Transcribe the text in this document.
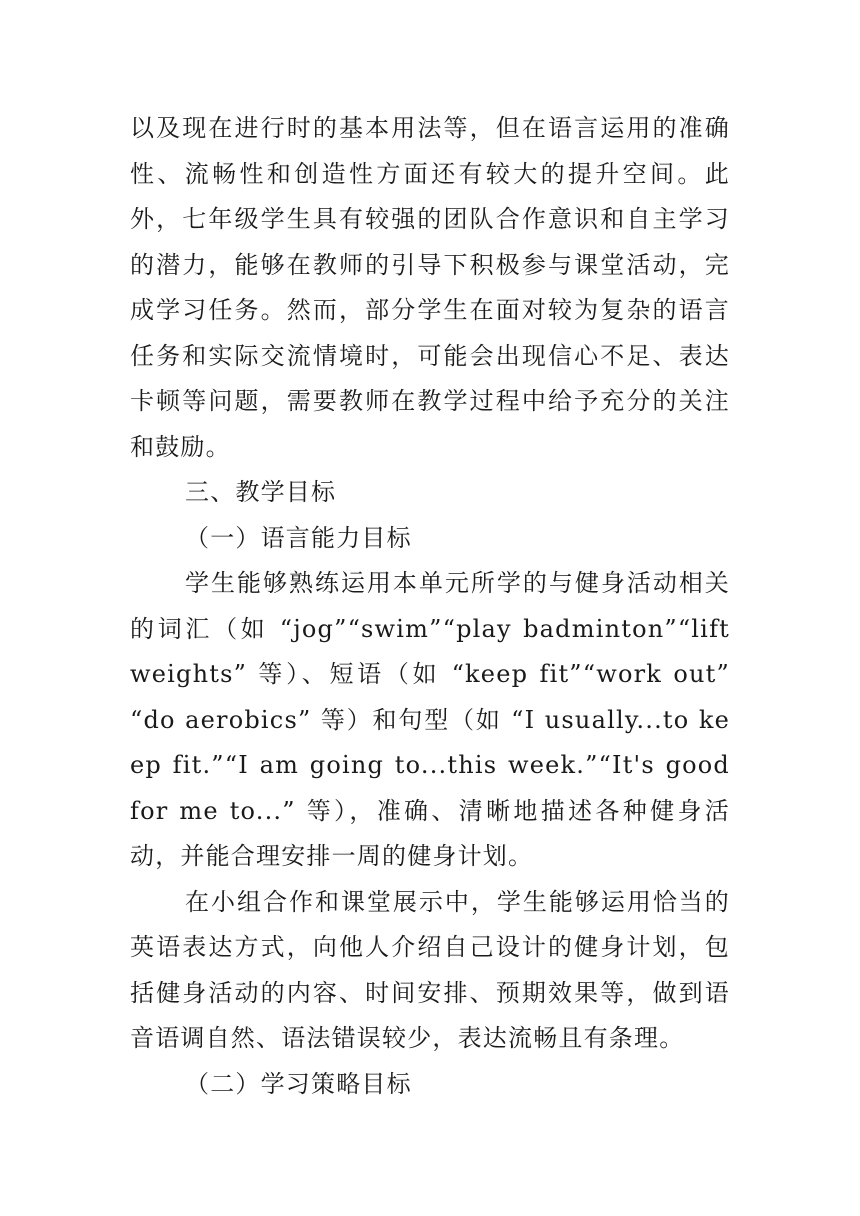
以及现在进行时的基本用法等，但在语言运用的准确性、流畅性和创造性方面还有较大的提升空间。此外，七年级学生具有较强的团队合作意识和自主学习的潜力，能够在教师的引导下积极参与课堂活动，完成学习任务。然而，部分学生在面对较为复杂的语言任务和实际交流情境时，可能会出现信心不足、表达卡顿等问题，需要教师在教学过程中给予充分的关注和鼓励。

三、教学目标

（一）语言能力目标

学生能够熟练运用本单元所学的与健身活动相关的词汇（如 “jog”“swim”“play badminton”“lift weights” 等）、短语（如 “keep fit”“work out” “do aerobics” 等）和句型（如 “I usually...to keep fit.”“I am going to...this week.”“It's good for me to...” 等），准确、清晰地描述各种健身活动，并能合理安排一周的健身计划。

在小组合作和课堂展示中，学生能够运用恰当的英语表达方式，向他人介绍自己设计的健身计划，包括健身活动的内容、时间安排、预期效果等，做到语音语调自然、语法错误较少，表达流畅且有条理。

（二）学习策略目标
